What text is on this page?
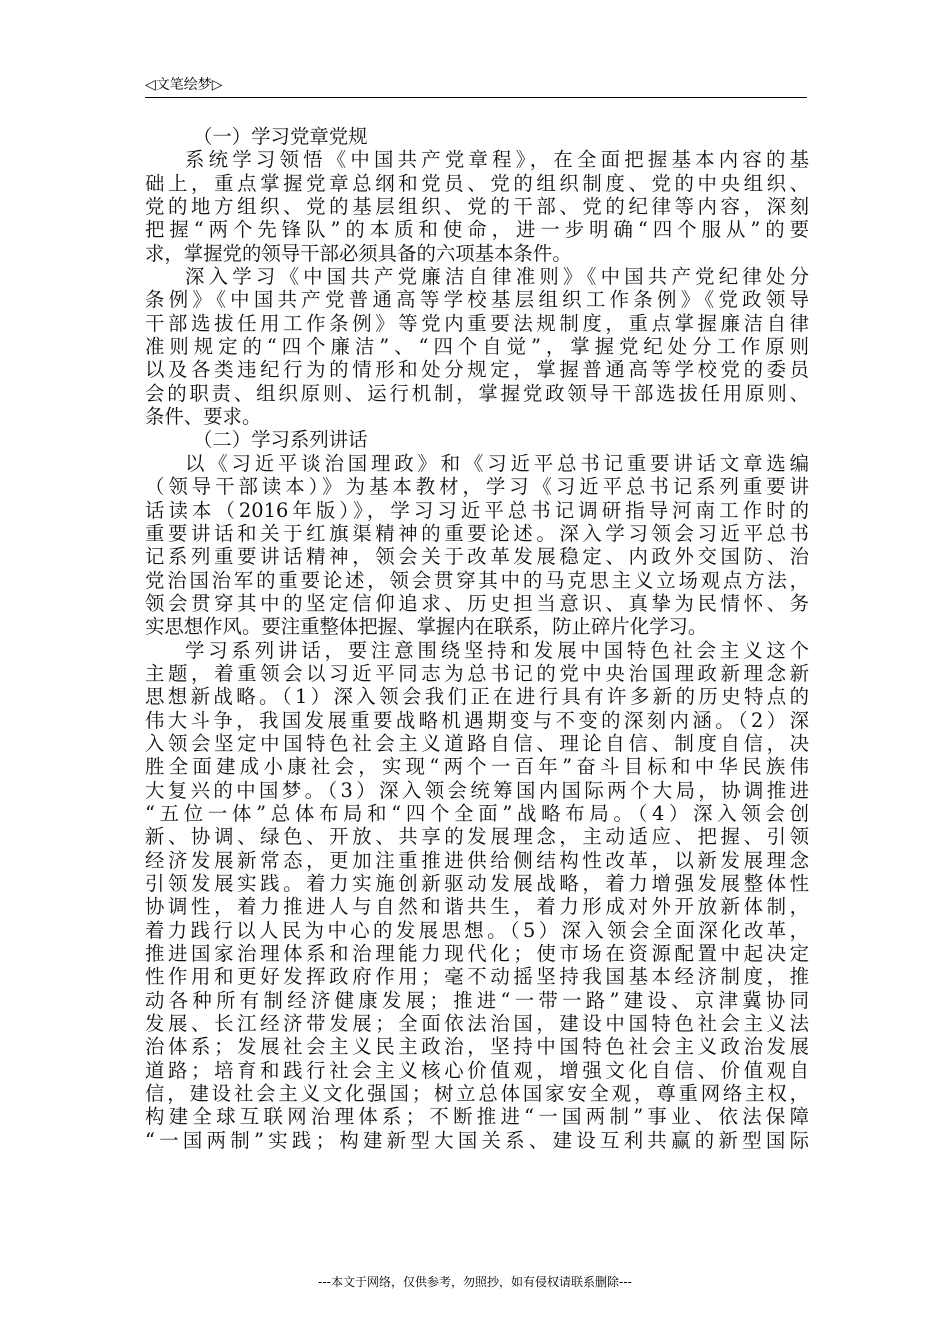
◁文笔绘梦▷
（一）学习党章党规
系统学习领悟《中国共产党章程》，在全面把握基本内容的基
础上，重点掌握党章总纲和党员、党的组织制度、党的中央组织、
党的地方组织、党的基层组织、党的干部、党的纪律等内容，深刻
把握“两个先锋队”的本质和使命，进一步明确“四个服从”的要
求，掌握党的领导干部必须具备的六项基本条件。
深入学习《中国共产党廉洁自律准则》《中国共产党纪律处分
条例》《中国共产党普通高等学校基层组织工作条例》《党政领导
干部选拔任用工作条例》等党内重要法规制度，重点掌握廉洁自律
准则规定的“四个廉洁”、“四个自觉”，掌握党纪处分工作原则
以及各类违纪行为的情形和处分规定，掌握普通高等学校党的委员
会的职责、组织原则、运行机制，掌握党政领导干部选拔任用原则、
条件、要求。
（二）学习系列讲话
以《习近平谈治国理政》和《习近平总书记重要讲话文章选编
（领导干部读本）》为基本教材，学习《习近平总书记系列重要讲
话读本（2016年版）》，学习习近平总书记调研指导河南工作时的
重要讲话和关于红旗渠精神的重要论述。深入学习领会习近平总书
记系列重要讲话精神，领会关于改革发展稳定、内政外交国防、治
党治国治军的重要论述，领会贯穿其中的马克思主义立场观点方法，
领会贯穿其中的坚定信仰追求、历史担当意识、真挚为民情怀、务
实思想作风。要注重整体把握、掌握内在联系，防止碎片化学习。
学习系列讲话，要注意围绕坚持和发展中国特色社会主义这个
主题，着重领会以习近平同志为总书记的党中央治国理政新理念新
思想新战略。（1）深入领会我们正在进行具有许多新的历史特点的
伟大斗争，我国发展重要战略机遇期变与不变的深刻内涵。（2）深
入领会坚定中国特色社会主义道路自信、理论自信、制度自信，决
胜全面建成小康社会，实现“两个一百年”奋斗目标和中华民族伟
大复兴的中国梦。（3）深入领会统筹国内国际两个大局，协调推进
“五位一体”总体布局和“四个全面”战略布局。（4）深入领会创
新、协调、绿色、开放、共享的发展理念，主动适应、把握、引领
经济发展新常态，更加注重推进供给侧结构性改革，以新发展理念
引领发展实践。着力实施创新驱动发展战略，着力增强发展整体性
协调性，着力推进人与自然和谐共生，着力形成对外开放新体制，
着力践行以人民为中心的发展思想。（5）深入领会全面深化改革，
推进国家治理体系和治理能力现代化；使市场在资源配置中起决定
性作用和更好发挥政府作用；毫不动摇坚持我国基本经济制度，推
动各种所有制经济健康发展；推进“一带一路”建设、京津冀协同
发展、长江经济带发展；全面依法治国，建设中国特色社会主义法
治体系；发展社会主义民主政治，坚持中国特色社会主义政治发展
道路；培育和践行社会主义核心价值观，增强文化自信、价值观自
信，建设社会主义文化强国；树立总体国家安全观，尊重网络主权，
构建全球互联网治理体系；不断推进“一国两制”事业、依法保障
“一国两制”实践；构建新型大国关系、建设互利共赢的新型国际
---本文于网络，仅供参考，勿照抄，如有侵权请联系删除---
